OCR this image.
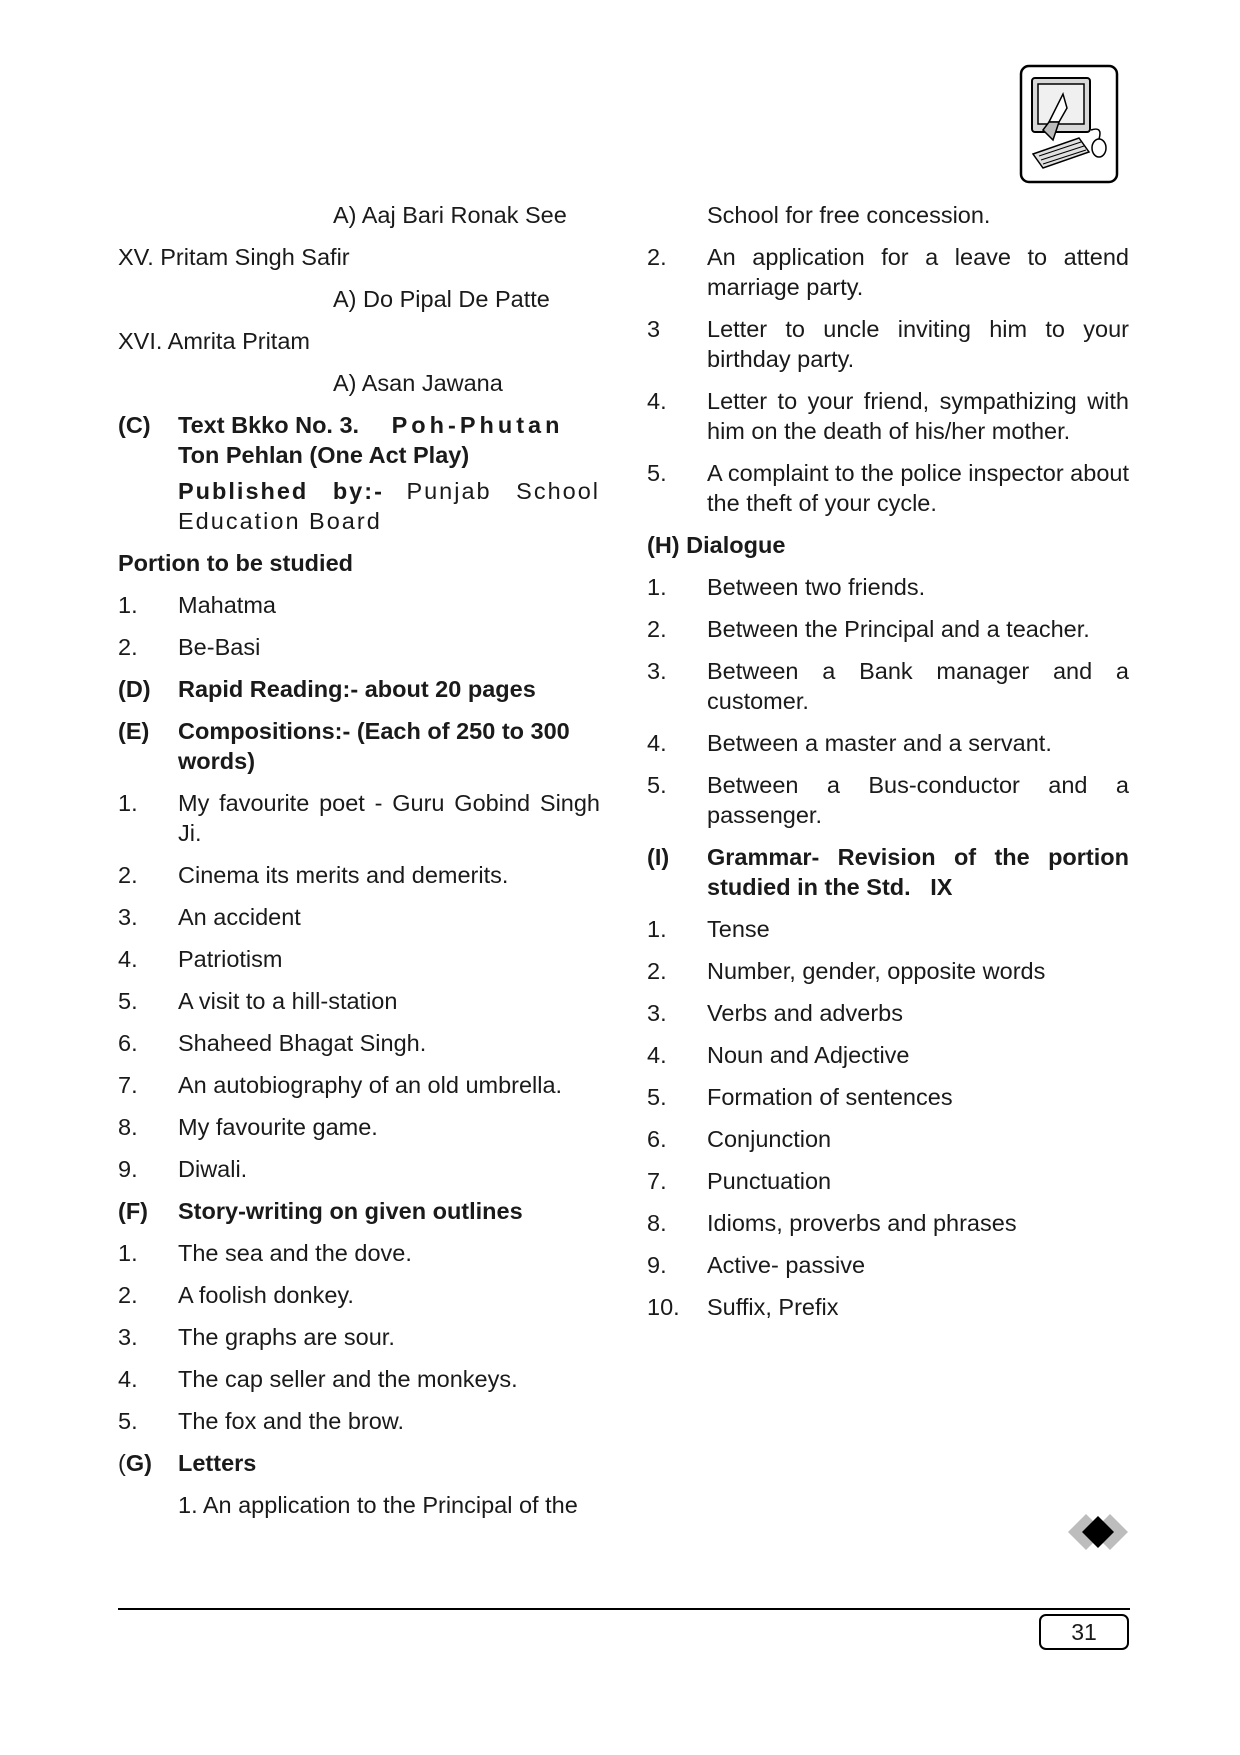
A) Aaj Bari Ronak See

XV. Pritam Singh Safir

A) Do Pipal De Patte

XVI. Amrita Pritam

A) Asan Jawana

(C)	Text Bkko No. 3. Poh-Phutan
Ton Pehlan (One Act Play)
Published by:- Punjab School Education Board

Portion to be studied

1.	Mahatma
2.	Be-Basi
(D)	Rapid Reading:- about 20 pages
(E)	Compositions:- (Each of 250 to 300 words)
1.	My favourite poet - Guru Gobind Singh Ji.
2.	Cinema its merits and demerits.
3.	An accident
4.	Patriotism
5.	A visit to a hill-station
6.	Shaheed Bhagat Singh.
7.	An autobiography of an old umbrella.
8.	My favourite game.
9.	Diwali.
(F)	Story-writing on given outlines
1.	The sea and the dove.
2.	A foolish donkey.
3.	The graphs are sour.
4.	The cap seller and the monkeys.
5.	The fox and the brow.
(G)	Letters
1. An application to the Principal of the
School for free concession.
2.	An application for a leave to attend marriage party.
3	Letter to uncle inviting him to your birthday party.
4.	Letter to your friend, sympathizing with him on the death of his/her mother.
5.	A complaint to the police inspector about the theft of your cycle.

(H) Dialogue

1.	Between two friends.
2.	Between the Principal and a teacher.
3.	Between a Bank manager and a customer.
4.	Between a master and a servant.
5.	Between a Bus-conductor and a passenger.
(I)	Grammar- Revision of the portion studied in the Std.   IX
1.	Tense
2.	Number, gender, opposite words
3.	Verbs and adverbs
4.	Noun and Adjective
5.	Formation of sentences
6.	Conjunction
7.	Punctuation
8.	Idioms, proverbs and phrases
9.	Active- passive
10.	Suffix, Prefix
31
